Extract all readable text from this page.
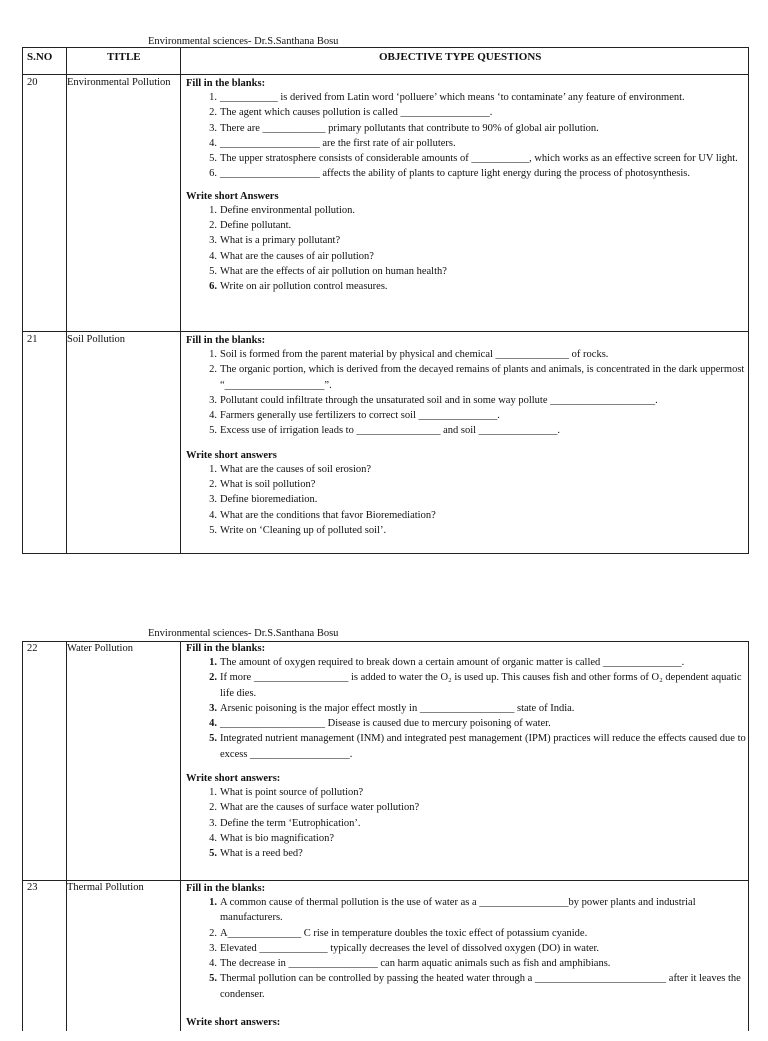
Environmental sciences- Dr.S.Santhana Bosu
S.NO	TITLE	OBJECTIVE TYPE QUESTIONS
20	Environmental Pollution	Fill in the blanks:
1. ___________ is derived from Latin word ‘polluere’ which means ‘to contaminate’ any feature of environment.
2. The agent which causes pollution is called _________________.
3. There are ____________ primary pollutants that contribute to 90% of global air pollution.
4. ___________________ are the first rate of air polluters.
5. The upper stratosphere consists of considerable amounts of ___________, which works as an effective screen for UV light.
6. ___________________ affects the ability of plants to capture light energy during the process of photosynthesis.
Write short Answers
1. Define environmental pollution.
2. Define pollutant.
3. What is a primary pollutant?
4. What are the causes of air pollution?
5. What are the effects of air pollution on human health?
6. Write on air pollution control measures.
21	Soil Pollution	Fill in the blanks:
1. Soil is formed from the parent material by physical and chemical ______________ of rocks.
2. The organic portion, which is derived from the decayed remains of plants and animals, is concentrated in the dark uppermost “___________________”.
3. Pollutant could infiltrate through the unsaturated soil and in some way pollute ____________________.
4. Farmers generally use fertilizers to correct soil _______________.
5. Excess use of irrigation leads to ________________ and soil _______________.
Write short answers
1. What are the causes of soil erosion?
2. What is soil pollution?
3. Define bioremediation.
4. What are the conditions that favor Bioremediation?
5. Write on ‘Cleaning up of polluted soil’.
Environmental sciences- Dr.S.Santhana Bosu
22	Water Pollution	Fill in the blanks:
1. The amount of oxygen required to break down a certain amount of organic matter is called _______________.
2. If more __________________ is added to water the O₂ is used up. This causes fish and other forms of O₂ dependent aquatic life dies.
3. Arsenic poisoning is the major effect mostly in __________________ state of India.
4. ____________________ Disease is caused due to mercury poisoning of water.
5. Integrated nutrient management (INM) and integrated pest management (IPM) practices will reduce the effects caused due to excess ___________________.
Write short answers:
1. What is point source of pollution?
2. What are the causes of surface water pollution?
3. Define the term ‘Eutrophication’.
4. What is bio magnification?
5. What is a reed bed?
23	Thermal Pollution	Fill in the blanks:
1. A common cause of thermal pollution is the use of water as a _________________by power plants and industrial manufacturers.
2. A______________ C rise in temperature doubles the toxic effect of potassium cyanide.
3. Elevated _____________ typically decreases the level of dissolved oxygen (DO) in water.
4. The decrease in _________________ can harm aquatic animals such as fish and amphibians.
5. Thermal pollution can be controlled by passing the heated water through a _________________________ after it leaves the condenser.
Write short answers:
